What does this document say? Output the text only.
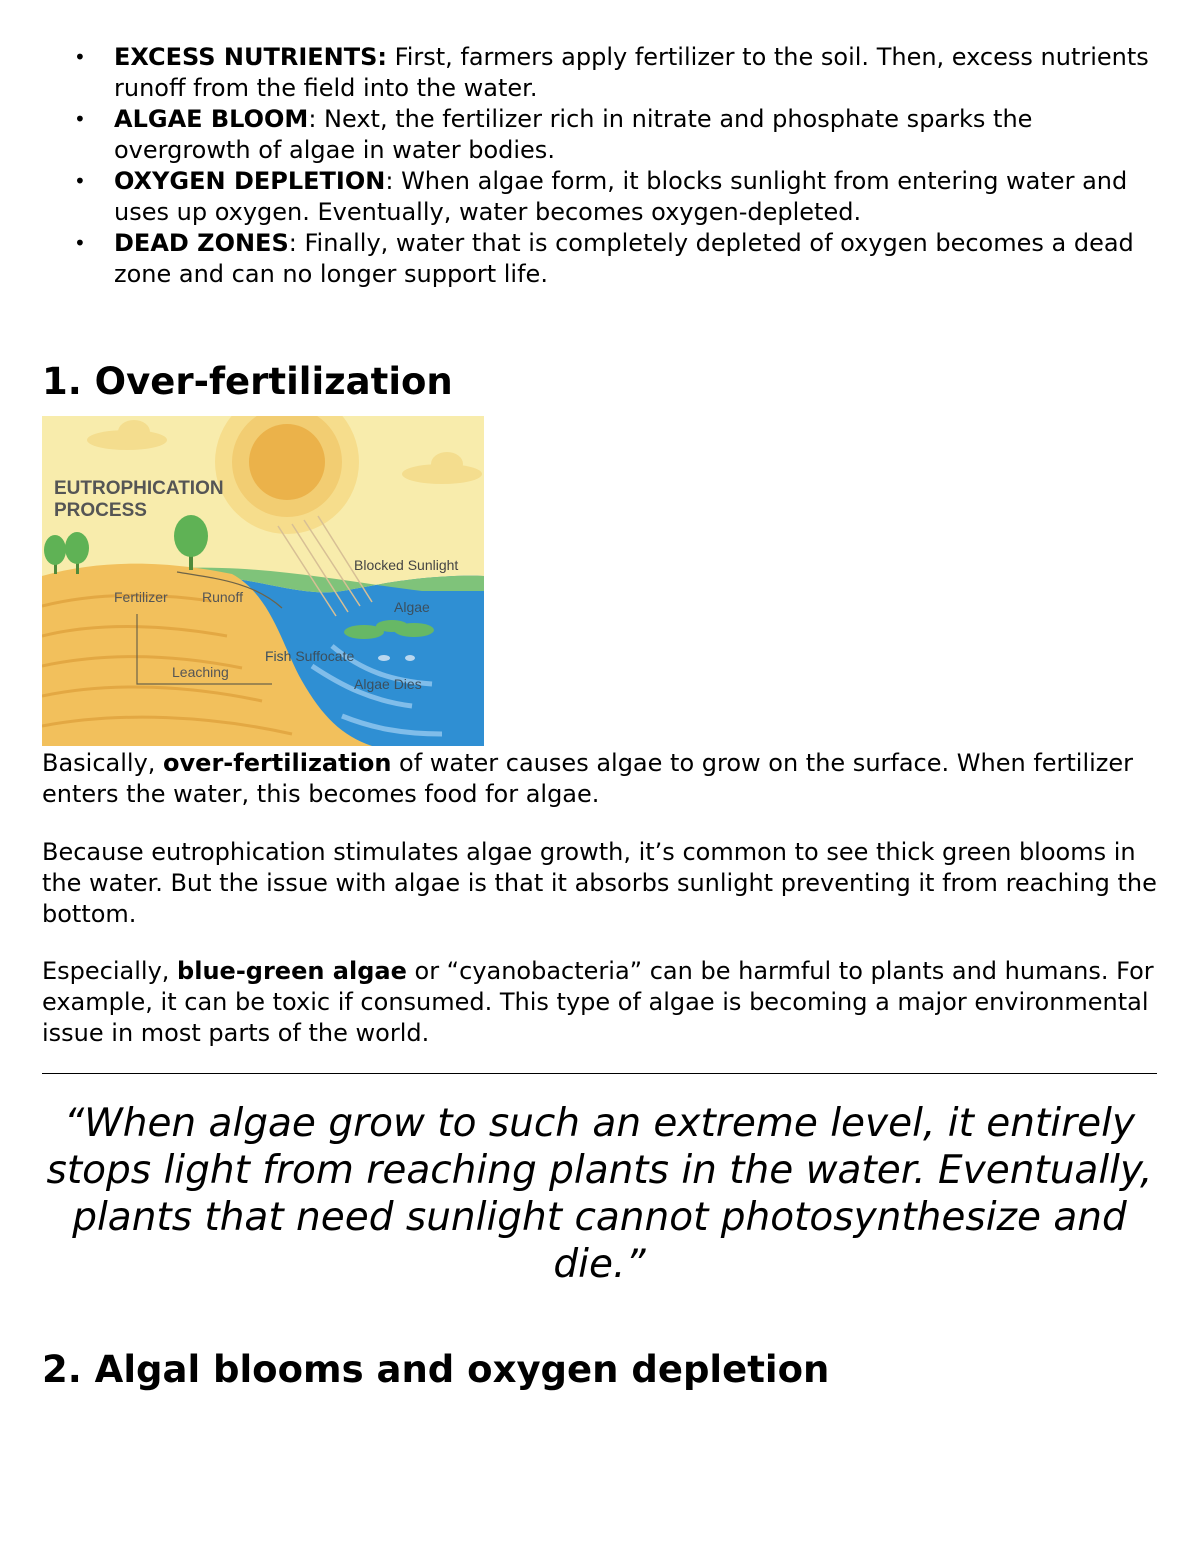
• EXCESS NUTRIENTS: First, farmers apply fertilizer to the soil. Then, excess nutrients runoff from the field into the water.
• ALGAE BLOOM: Next, the fertilizer rich in nitrate and phosphate sparks the overgrowth of algae in water bodies.
• OXYGEN DEPLETION: When algae form, it blocks sunlight from entering water and uses up oxygen. Eventually, water becomes oxygen-depleted.
• DEAD ZONES: Finally, water that is completely depleted of oxygen becomes a dead zone and can no longer support life.
1. Over-fertilization
EUTROPHICATION
PROCESS
Blocked Sunlight
Fertilizer Runoff
Algae
Fish Suffocate
Leaching
Algae Dies

Basically, over-fertilization of water causes algae to grow on the surface. When fertilizer enters the water, this becomes food for algae.

Because eutrophication stimulates algae growth, it’s common to see thick green blooms in the water. But the issue with algae is that it absorbs sunlight preventing it from reaching the bottom.

Especially, blue-green algae or “cyanobacteria” can be harmful to plants and humans. For example, it can be toxic if consumed. This type of algae is becoming a major environmental issue in most parts of the world.

“When algae grow to such an extreme level, it entirely stops light from reaching plants in the water. Eventually, plants that need sunlight cannot photosynthesize and die.”

2. Algal blooms and oxygen depletion
